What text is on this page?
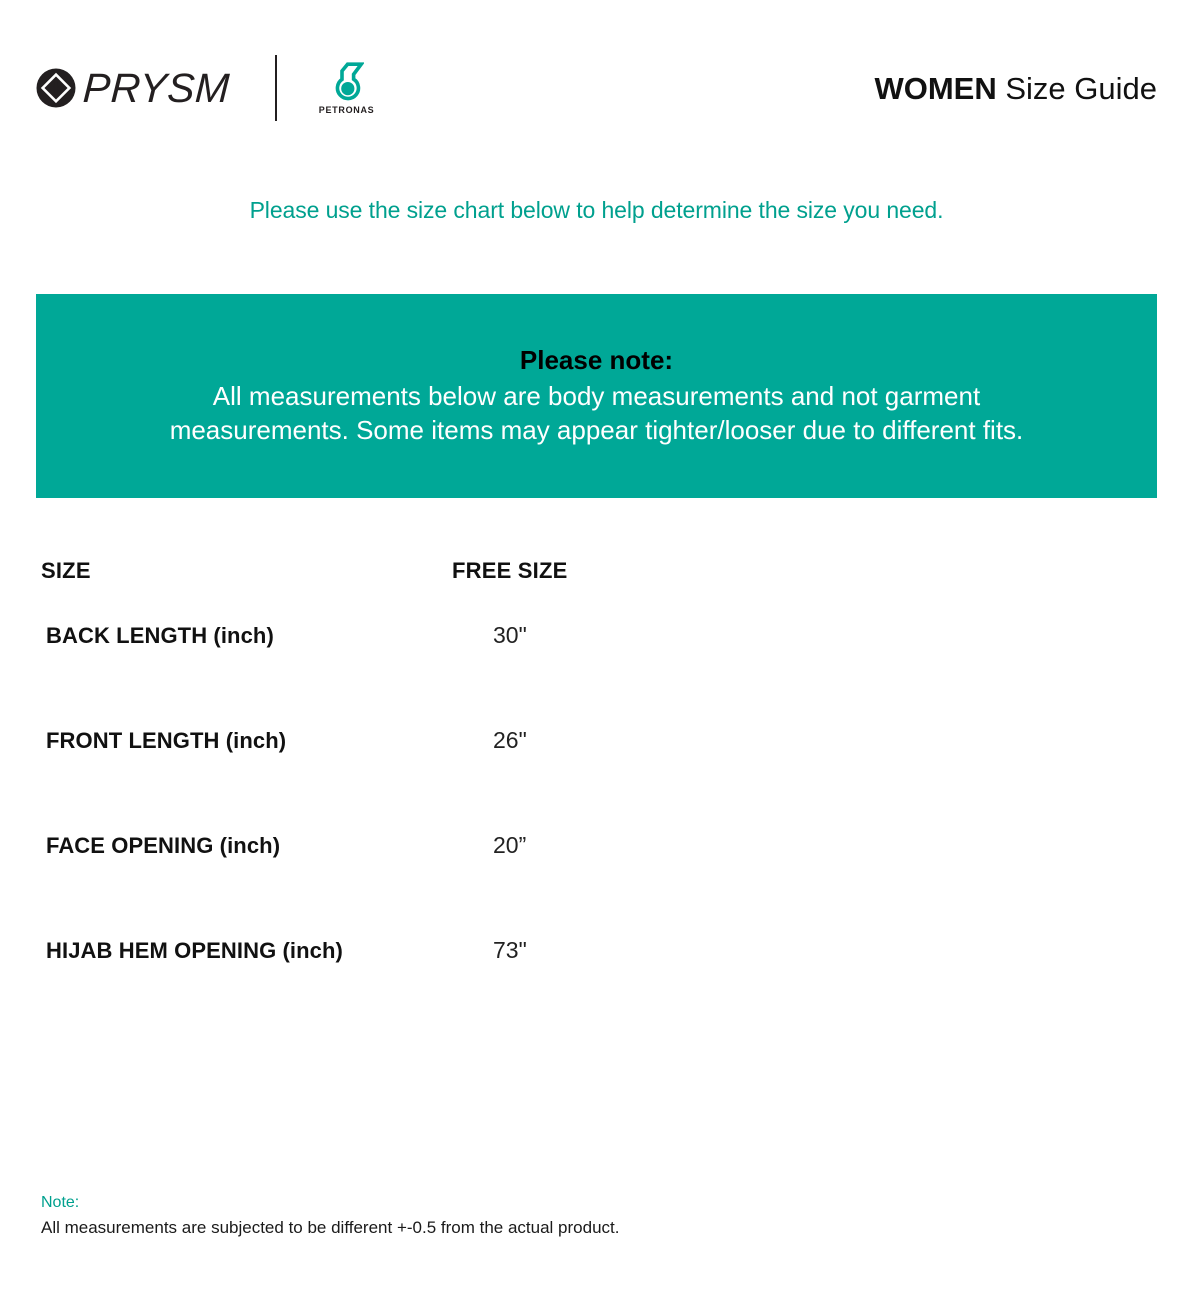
PRYSM	PETRONAS
WOMEN Size Guide
Please use the size chart below to help determine the size you need.
Please note:
All measurements below are body measurements and not garment measurements. Some items may appear tighter/looser due to different fits.
SIZE	FREE SIZE
BACK LENGTH (inch)	30"
FRONT LENGTH (inch)	26"
FACE OPENING (inch)	20”
HIJAB HEM OPENING (inch)	73"
Note:
All measurements are subjected to be different +-0.5 from the actual product.
